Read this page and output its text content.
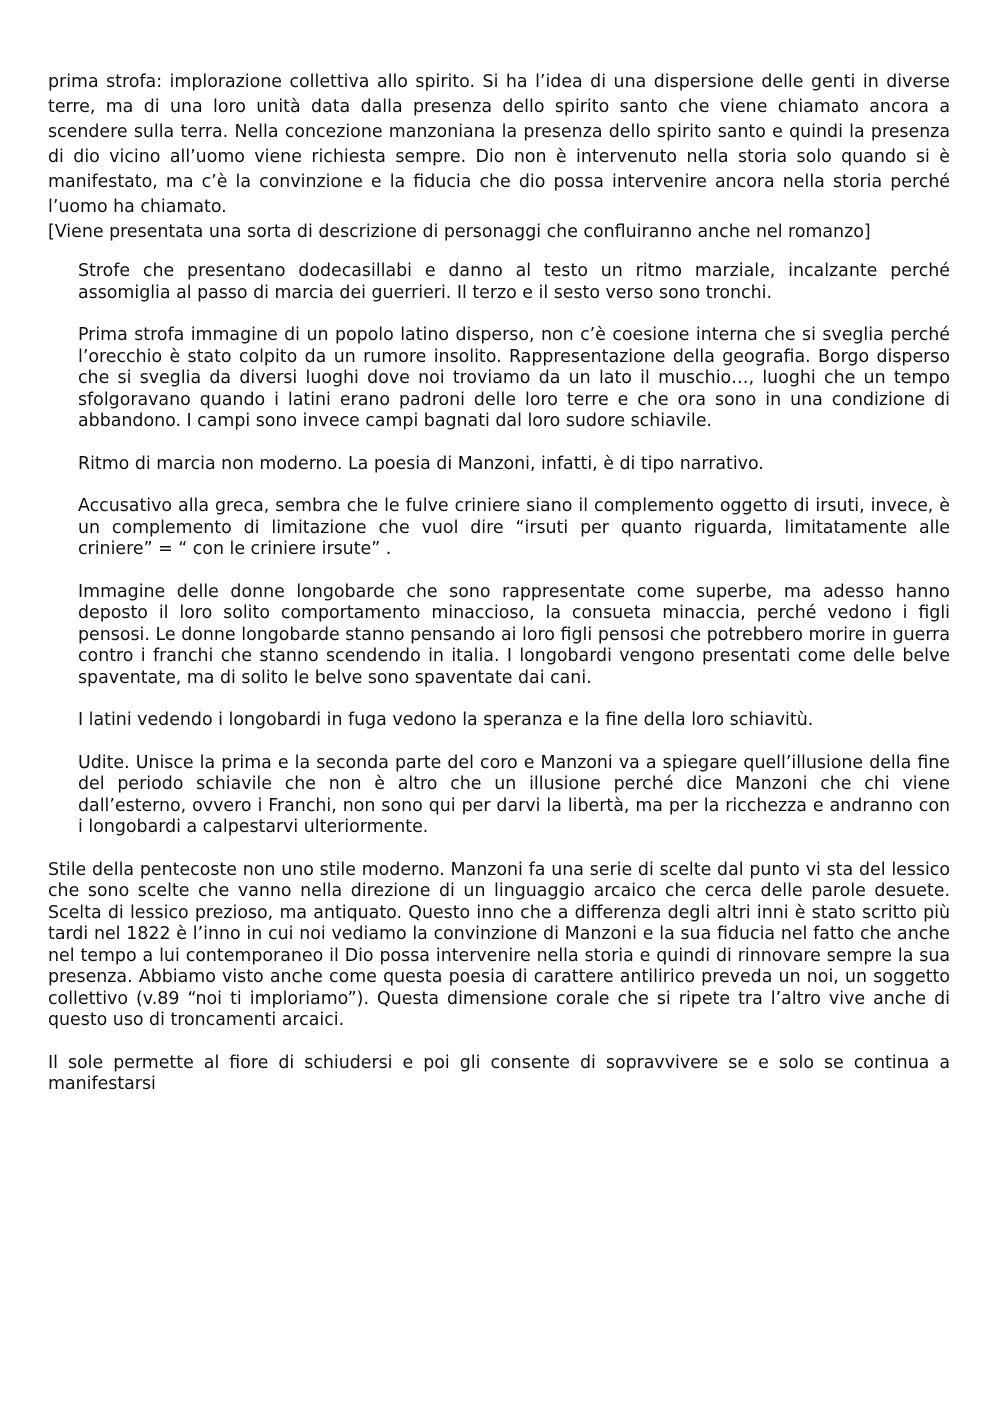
prima strofa: implorazione collettiva allo spirito. Si ha l’idea di una dispersione delle genti in diverse terre, ma di una loro unità data dalla presenza dello spirito santo che viene chiamato ancora a scendere sulla terra. Nella concezione manzoniana la presenza dello spirito santo e quindi la presenza di dio vicino all’uomo viene richiesta sempre. Dio non è intervenuto nella storia solo quando si è manifestato, ma c’è la convinzione e la fiducia che dio possa intervenire ancora nella storia perché l’uomo ha chiamato.

[Viene presentata una sorta di descrizione di personaggi che confluiranno anche nel romanzo]

Strofe che presentano dodecasillabi e danno al testo un ritmo marziale, incalzante perché assomiglia al passo di marcia dei guerrieri. Il terzo e il sesto verso sono tronchi.

Prima strofa immagine di un popolo latino disperso, non c’è coesione interna che si sveglia perché l’orecchio è stato colpito da un rumore insolito. Rappresentazione della geografia. Borgo disperso che si sveglia da diversi luoghi dove noi troviamo da un lato il muschio…, luoghi che un tempo sfolgoravano quando i latini erano padroni delle loro terre e che ora sono in una condizione di abbandono. I campi sono invece campi bagnati dal loro sudore schiavile.

Ritmo di marcia non moderno. La poesia di Manzoni, infatti, è di tipo narrativo.

Accusativo alla greca, sembra che le fulve criniere siano il complemento oggetto di irsuti, invece, è un complemento di limitazione che vuol dire “irsuti per quanto riguarda, limitatamente alle criniere” = “ con le criniere irsute” .

Immagine delle donne longobarde che sono rappresentate come superbe, ma adesso hanno deposto il loro solito comportamento minaccioso, la consueta minaccia, perché vedono i figli pensosi. Le donne longobarde stanno pensando ai loro figli pensosi che potrebbero morire in guerra contro i franchi che stanno scendendo in italia. I longobardi vengono presentati come delle belve spaventate, ma di solito le belve sono spaventate dai cani.

I latini vedendo i longobardi in fuga vedono la speranza e la fine della loro schiavitù.

Udite. Unisce la prima e la seconda parte del coro e Manzoni va a spiegare quell’illusione della fine del periodo schiavile che non è altro che un illusione perché dice Manzoni che chi viene dall’esterno, ovvero i Franchi, non sono qui per darvi la libertà, ma per la ricchezza e andranno con i longobardi a calpestarvi ulteriormente.

Stile della pentecoste non uno stile moderno. Manzoni fa una serie di scelte dal punto vi sta del lessico che sono scelte che vanno nella direzione di un linguaggio arcaico che cerca delle parole desuete. Scelta di lessico prezioso, ma antiquato. Questo inno che a differenza degli altri inni è stato scritto più tardi nel 1822 è l’inno in cui noi vediamo la convinzione di Manzoni e la sua fiducia nel fatto che anche nel tempo a lui contemporaneo il Dio possa intervenire nella storia e quindi di rinnovare sempre la sua presenza. Abbiamo visto anche come questa poesia di carattere antilirico preveda un noi, un soggetto collettivo (v.89 “noi ti imploriamo”). Questa dimensione corale che si ripete tra l’altro vive anche di questo uso di troncamenti arcaici.

Il sole permette al fiore di schiudersi e poi gli consente di sopravvivere se e solo se continua a manifestarsi
